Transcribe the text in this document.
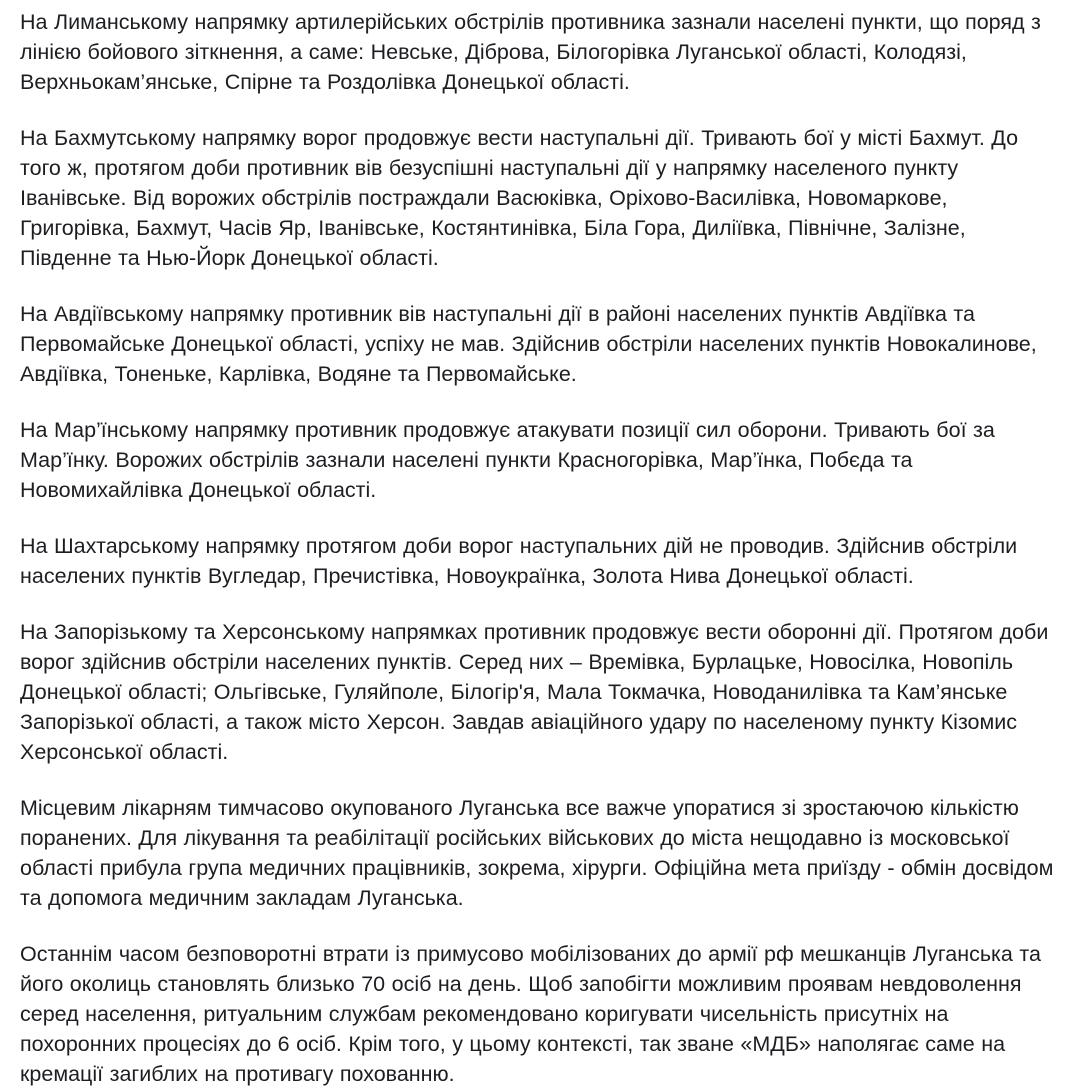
На Лиманському напрямку артилерійських обстрілів противника зазнали населені пункти, що поряд з лінією бойового зіткнення, а саме: Невське, Діброва, Білогорівка Луганської області, Колодязі, Верхньокам’янське, Спірне та Роздолівка Донецької області.

На Бахмутському напрямку ворог продовжує вести наступальні дії. Тривають бої у місті Бахмут. До того ж, протягом доби противник вів безуспішні наступальні дії у напрямку населеного пункту Іванівське. Від ворожих обстрілів постраждали Васюківка, Оріхово-Василівка, Новомаркове, Григорівка, Бахмут, Часів Яр, Іванівське, Костянтинівка, Біла Гора, Диліївка, Північне, Залізне, Південне та Нью-Йорк Донецької області.

На Авдіївському напрямку противник вів наступальні дії в районі населених пунктів Авдіївка та Первомайське Донецької області, успіху не мав. Здійснив обстріли населених пунктів Новокалинове, Авдіївка, Тоненьке, Карлівка, Водяне та Первомайське.

На Мар’їнському напрямку противник продовжує атакувати позиції сил оборони. Тривають бої за Мар’їнку. Ворожих обстрілів зазнали населені пункти Красногорівка, Мар’їнка, Побєда та Новомихайлівка Донецької області.

На Шахтарському напрямку протягом доби ворог наступальних дій не проводив. Здійснив обстріли населених пунктів Вугледар, Пречистівка, Новоукраїнка, Золота Нива Донецької області.

На Запорізькому та Херсонському напрямках противник продовжує вести оборонні дії. Протягом доби ворог здійснив обстріли населених пунктів. Серед них – Времівка, Бурлацьке, Новосілка, Новопіль Донецької області; Ольгівське, Гуляйполе, Білогір'я, Мала Токмачка, Новоданилівка та Кам’янське Запорізької області, а також місто Херсон. Завдав авіаційного удару по населеному пункту Кізомис Херсонської області.

Місцевим лікарням тимчасово окупованого Луганська все важче упоратися зі зростаючою кількістю поранених. Для лікування та реабілітації російських військових до міста нещодавно із московської області прибула група медичних працівників, зокрема, хірурги. Офіційна мета приїзду - обмін досвідом та допомога медичним закладам Луганська.

Останнім часом безповоротні втрати із примусово мобілізованих до армії рф мешканців Луганська та його околиць становлять близько 70 осіб на день. Щоб запобігти можливим проявам невдоволення серед населення, ритуальним службам рекомендовано коригувати чисельність присутніх на похоронних процесіях до 6 осіб. Крім того, у цьому контексті, так зване «МДБ» наполягає саме на кремації загиблих на противагу похованню.
